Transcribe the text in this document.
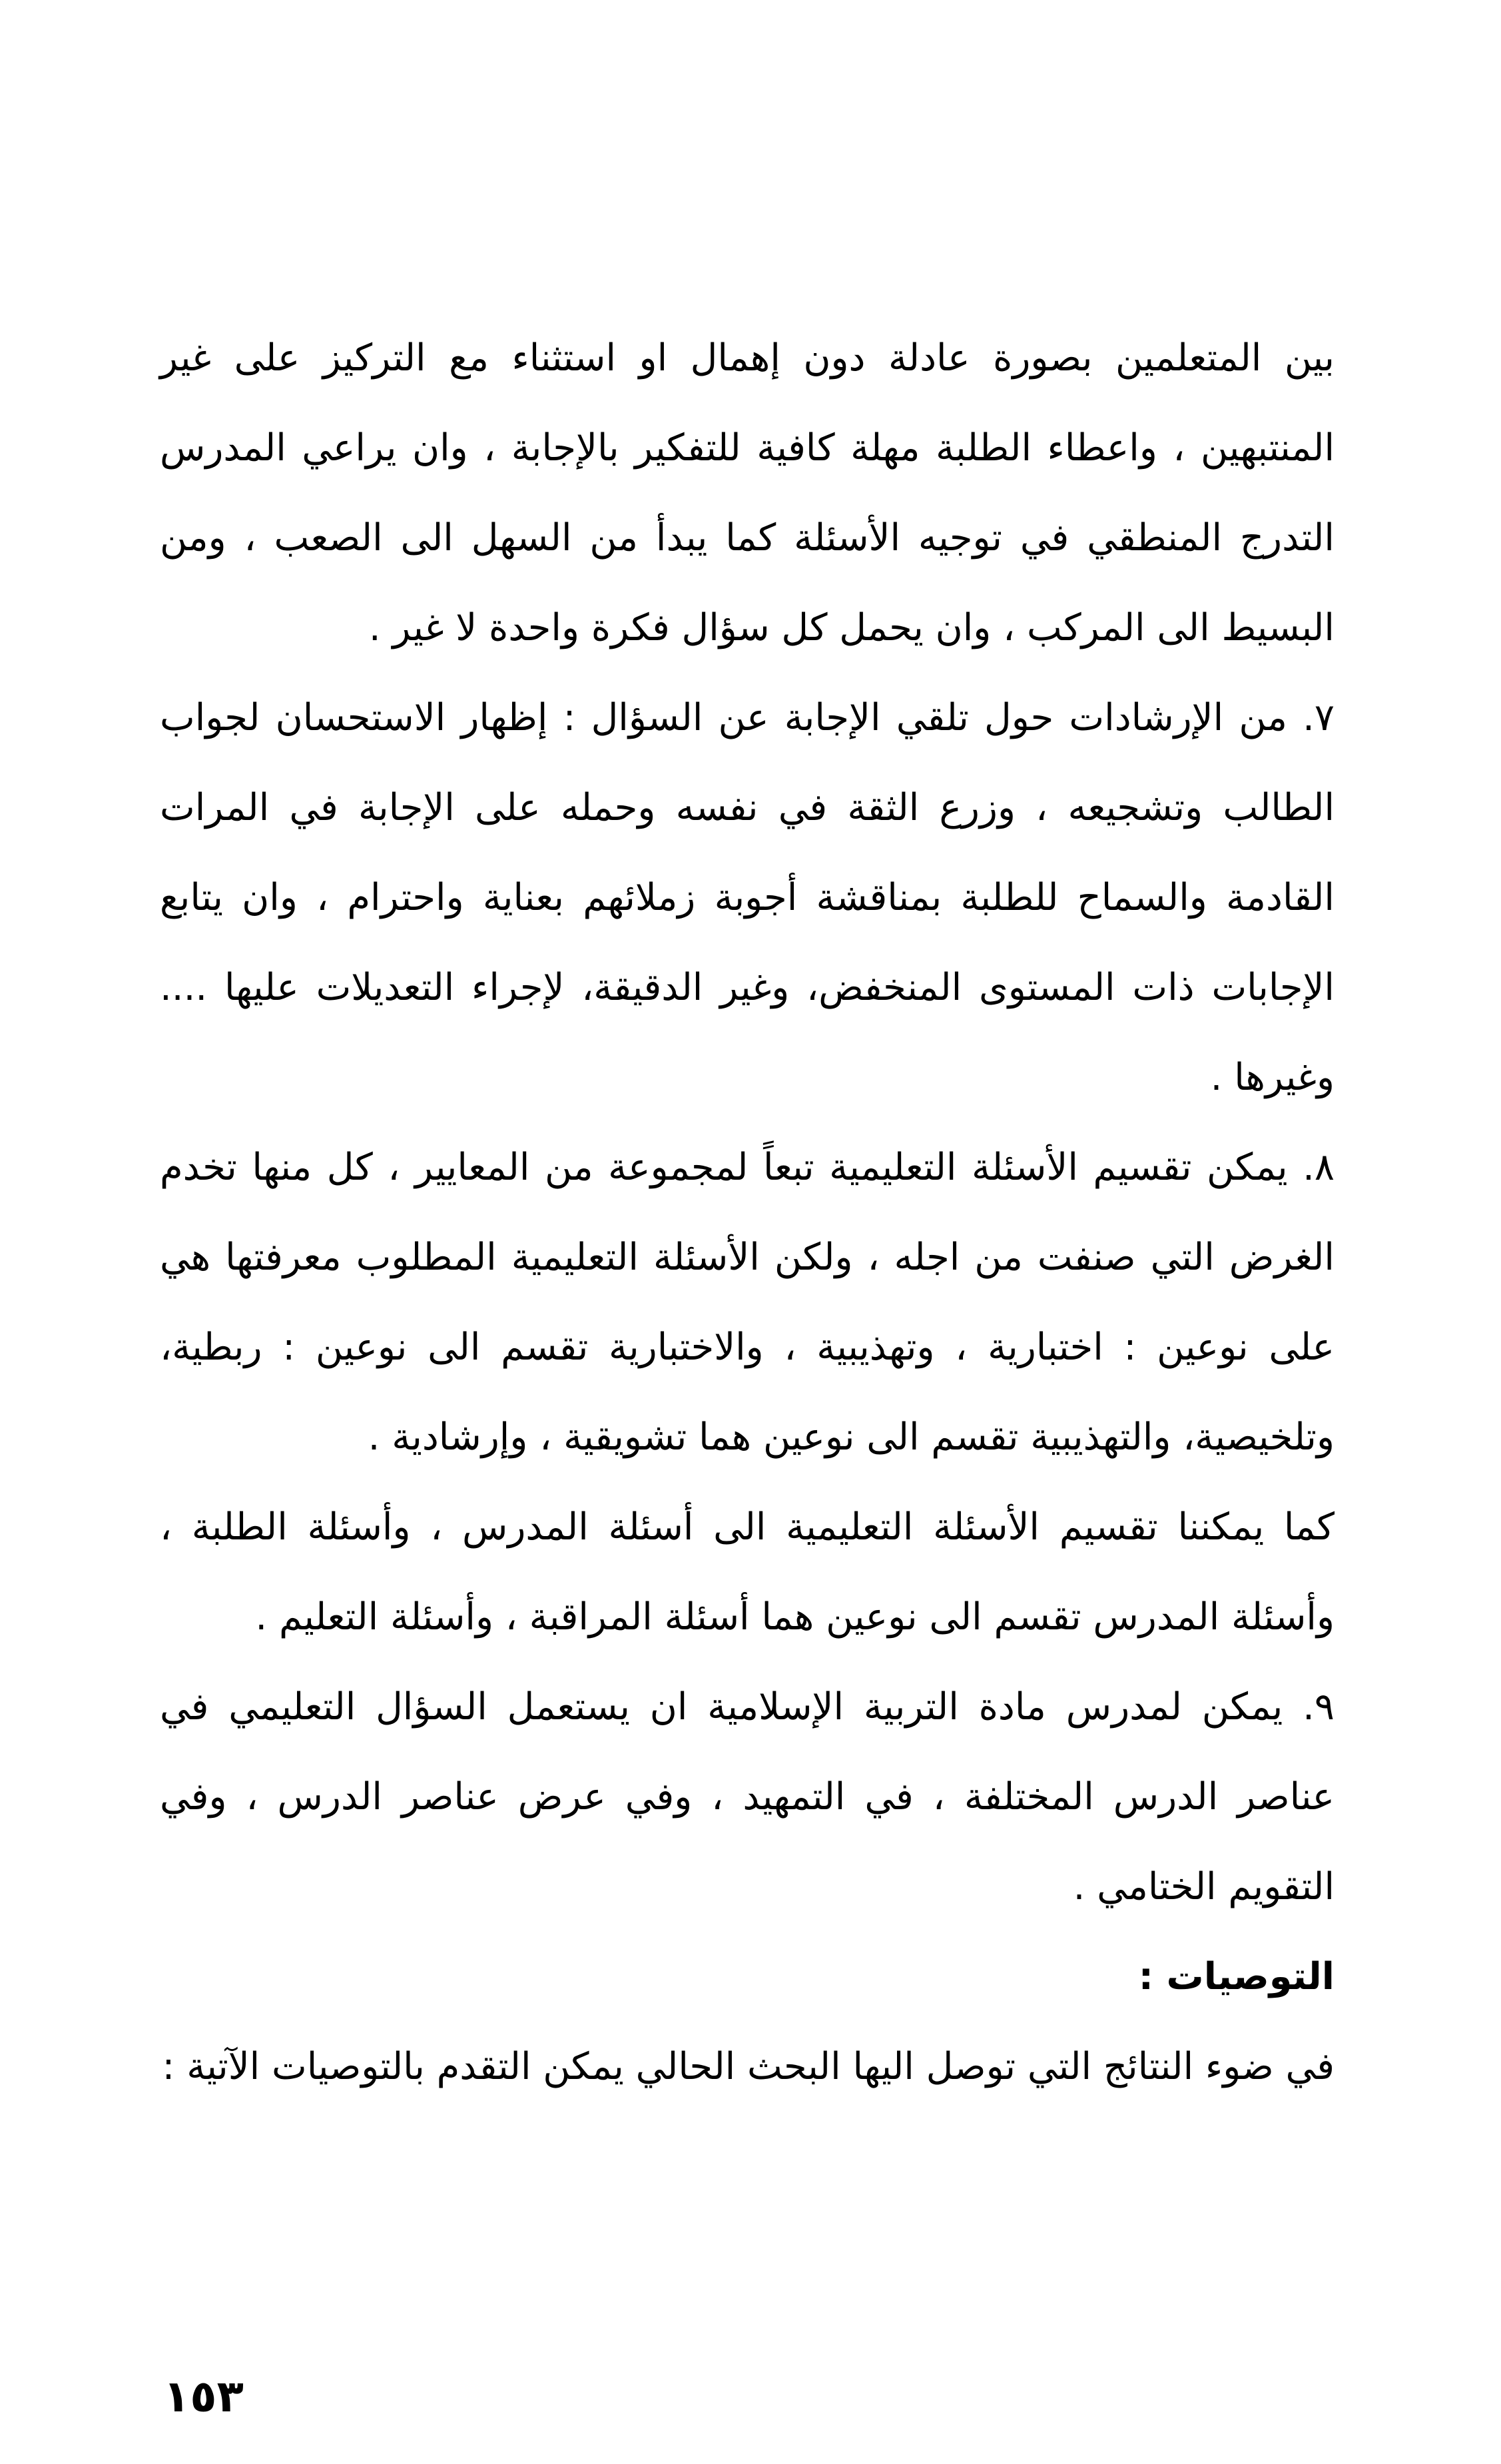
بين المتعلمين بصورة عادلة دون إهمال او استثناء مع التركيز على غير المنتبهين ، واعطاء الطلبة مهلة كافية للتفكير بالإجابة ، وان يراعي المدرس التدرج المنطقي في توجيه الأسئلة كما يبدأ من السهل الى الصعب ، ومن البسيط الى المركب ، وان يحمل كل سؤال فكرة واحدة لا غير .

٧. من الإرشادات حول تلقي الإجابة عن السؤال : إظهار الاستحسان لجواب الطالب وتشجيعه ، وزرع الثقة في نفسه وحمله على الإجابة في المرات القادمة والسماح للطلبة بمناقشة أجوبة زملائهم بعناية واحترام ، وان يتابع الإجابات ذات المستوى المنخفض، وغير الدقيقة، لإجراء التعديلات عليها .... وغيرها .

٨. يمكن تقسيم الأسئلة التعليمية تبعاً لمجموعة من المعايير ، كل منها تخدم الغرض التي صنفت من اجله ، ولكن الأسئلة التعليمية المطلوب معرفتها هي على نوعين : اختبارية ، وتهذيبية ، والاختبارية تقسم الى نوعين : ربطية، وتلخيصية، والتهذيبية تقسم الى نوعين هما تشويقية ، وإرشادية .

كما يمكننا تقسيم الأسئلة التعليمية الى أسئلة المدرس ، وأسئلة الطلبة ، وأسئلة المدرس تقسم الى نوعين هما أسئلة المراقبة ، وأسئلة التعليم .

٩. يمكن لمدرس مادة التربية الإسلامية ان يستعمل السؤال التعليمي في عناصر الدرس المختلفة ، في التمهيد ، وفي عرض عناصر الدرس ، وفي التقويم الختامي .

التوصيات :

في ضوء النتائج التي توصل اليها البحث الحالي يمكن التقدم بالتوصيات الآتية :

١٥٣
